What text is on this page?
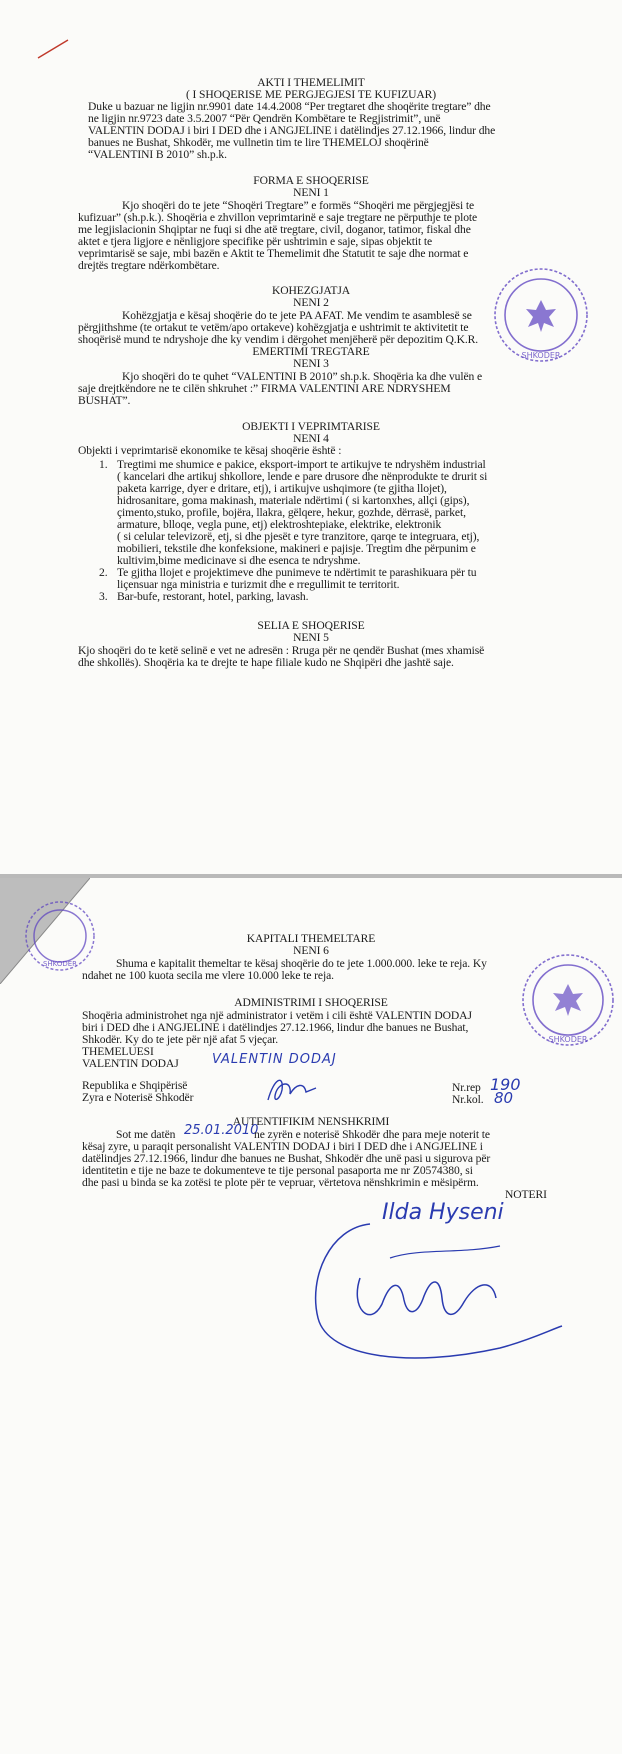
AKTI I THEMELIMIT
( I SHOQERISE ME PERGJEGJESI TE KUFIZUAR)
Duke u bazuar ne ligjin nr.9901 date 14.4.2008 “Per tregtaret dhe shoqërite tregtare” dhe
ne ligjin nr.9723 date 3.5.2007 “Për Qendrën Kombëtare te Regjistrimit”, unë
VALENTIN DODAJ i biri I DED dhe i ANGJELINE i datëlindjes 27.12.1966, lindur dhe
banues ne Bushat, Shkodër, me vullnetin tim te lire THEMELOJ shoqërinë
“VALENTINI B 2010” sh.p.k.
FORMA E SHOQERISE
NENI 1
Kjo shoqëri do te jete “Shoqëri Tregtare” e formës “Shoqëri me përgjegjësi te
kufizuar” (sh.p.k.). Shoqëria e zhvillon veprimtarinë e saje tregtare ne përputhje te plote
me legjislacionin Shqiptar ne fuqi si dhe atë tregtare, civil, doganor, tatimor, fiskal dhe
aktet e tjera ligjore e nënligjore specifike për ushtrimin e saje, sipas objektit te
veprimtarisë se saje, mbi bazën e Aktit te Themelimit dhe Statutit te saje dhe normat e
drejtës tregtare ndërkombëtare.
KOHEZGJATJA
NENI 2
Kohëzgjatja e kësaj shoqërie do te jete PA AFAT. Me vendim te asamblesë se
përgjithshme (te ortakut te vetëm/apo ortakeve) kohëzgjatja e ushtrimit te aktivitetit te
shoqërisë mund te ndryshoje dhe ky vendim i dërgohet menjëherë për depozitim Q.K.R.
EMERTIMI TREGTARE
NENI 3
Kjo shoqëri do te quhet “VALENTINI B 2010” sh.p.k. Shoqëria ka dhe vulën e
saje drejtkëndore ne te cilën shkruhet :” FIRMA VALENTINI ARE NDRYSHEM
BUSHAT”.
OBJEKTI I VEPRIMTARISE
NENI 4
Objekti i veprimtarisë ekonomike te kësaj shoqërie është :
1. Tregtimi me shumice e pakice, eksport-import te artikujve te ndryshëm industrial
( kancelari dhe artikuj shkollore, lende e pare drusore dhe nënprodukte te drurit si
paketa karrige, dyer e dritare, etj), i artikujve ushqimore (te gjitha llojet),
hidrosanitare, goma makinash, materiale ndërtimi ( si kartonxhes, allçi (gips),
çimento,stuko, profile, bojëra, llakra, gëlqere, hekur, gozhde, dërrasë, parket,
armature, blloqe, vegla pune, etj) elektroshtepiake, elektrike, elektronik
( si celular televizorë, etj, si dhe pjesët e tyre tranzitore, qarqe te integruara, etj),
mobilieri, tekstile dhe konfeksione, makineri e pajisje. Tregtim dhe përpunim e
kultivim,bime medicinave si dhe esenca te ndryshme.
2. Te gjitha llojet e projektimeve dhe punimeve te ndërtimit te parashikuara për tu
liçensuar nga ministria e turizmit dhe e rregullimit te territorit.
3. Bar-bufe, restorant, hotel, parking, lavash.
SELIA E SHOQERISE
NENI 5
Kjo shoqëri do te ketë selinë e vet ne adresën : Rruga për ne qendër Bushat (mes xhamisë
dhe shkollës). Shoqëria ka te drejte te hape filiale kudo ne Shqipëri dhe jashtë saje.
SHKODER
SHKODER
KAPITALI THEMELTARE
NENI 6
Shuma e kapitalit themeltar te kësaj shoqërie do te jete 1.000.000. leke te reja. Ky
ndahet ne 100 kuota secila me vlere 10.000 leke te reja.
ADMINISTRIMI I SHOQERISE
Shoqëria administrohet nga një administrator i vetëm i cili është VALENTIN DODAJ
biri i DED dhe i ANGJELINE i datëlindjes 27.12.1966, lindur dhe banues ne Bushat,
Shkodër. Ky do te jete për një afat 5 vjeçar.
THEMELUESI
VALENTIN DODAJ	VALENTIN DODAJ
Republika e Shqipërisë
Zyra e Noterisë Shkodër
Nr.rep 190
Nr.kol. 80
AUTENTIFIKIM NENSHKRIMI
Sot me datën 25.01.2010
ne zyrën e noterisë Shkodër dhe para meje noterit te
kësaj zyre, u paraqit personalisht VALENTIN DODAJ i biri I DED dhe i ANGJELINE i
datëlindjes 27.12.1966, lindur dhe banues ne Bushat, Shkodër dhe unë pasi u sigurova për
identitetin e tije ne baze te dokumenteve te tije personal pasaporta me nr Z0574380, si
dhe pasi u binda se ka zotësi te plote për te vepruar, vërtetova nënshkrimin e mësipërm.
NOTERI
Ilda Hyseni
SHKODER
